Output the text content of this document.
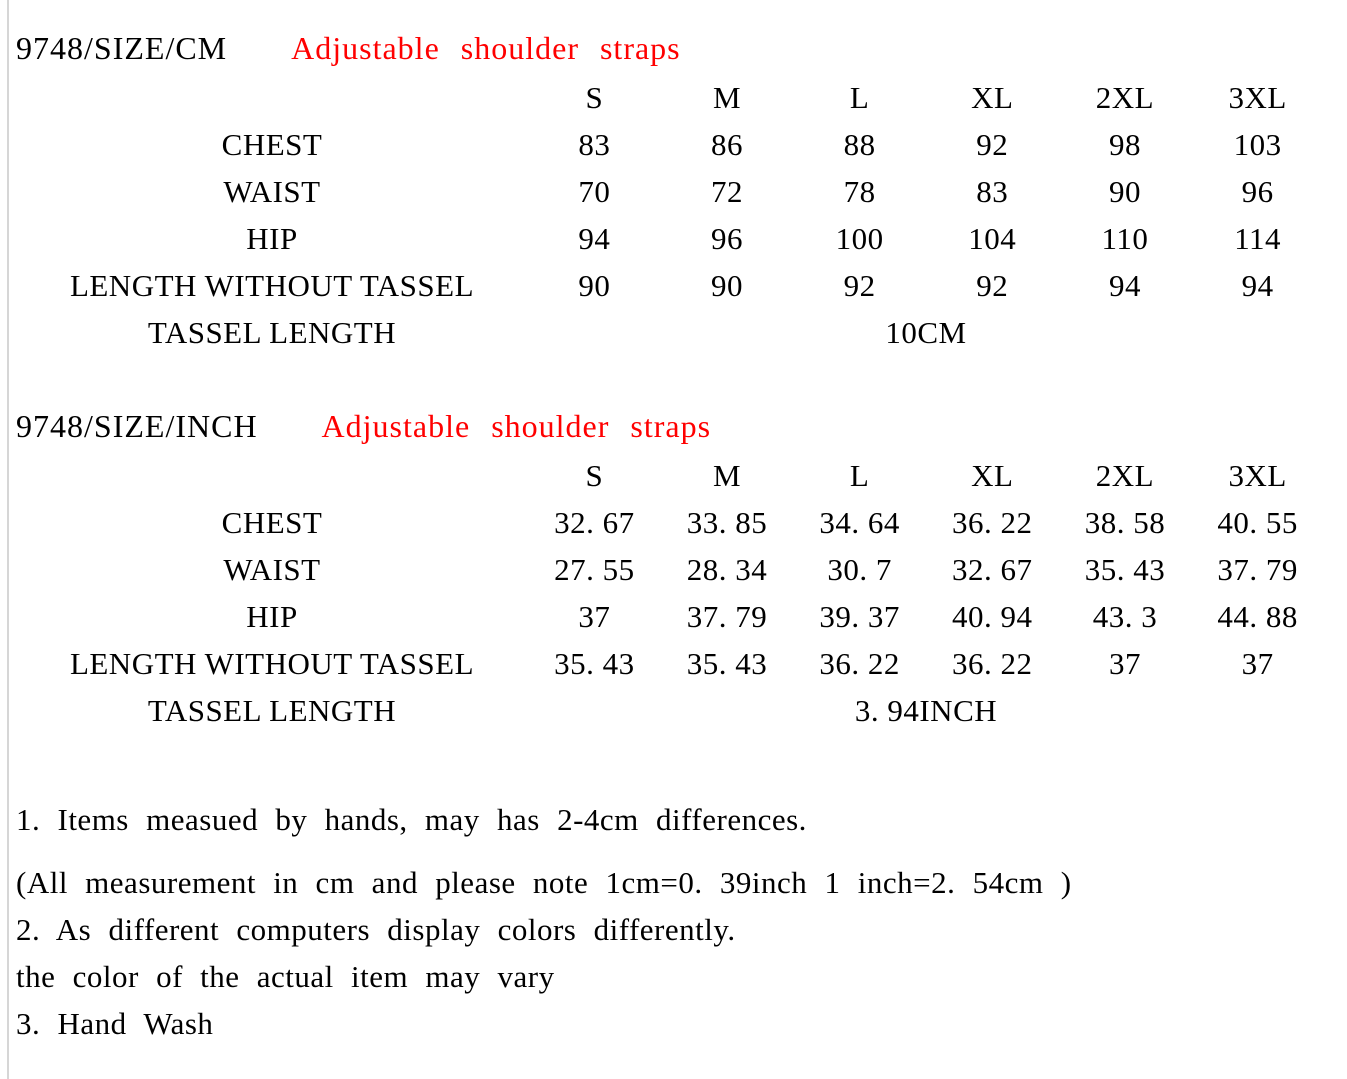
9748/SIZE/CM Adjustable shoulder straps
	S	M	L	XL	2XL	3XL
CHEST	83	86	88	92	98	103
WAIST	70	72	78	83	90	96
HIP	94	96	100	104	110	114
LENGTH WITHOUT TASSEL	90	90	92	92	94	94
TASSEL LENGTH	10CM					
9748/SIZE/INCH Adjustable shoulder straps
	S	M	L	XL	2XL	3XL
CHEST	32. 67	33. 85	34. 64	36. 22	38. 58	40. 55
WAIST	27. 55	28. 34	30. 7	32. 67	35. 43	37. 79
HIP	37	37. 79	39. 37	40. 94	43. 3	44. 88
LENGTH WITHOUT TASSEL	35. 43	35. 43	36. 22	36. 22	37	37
TASSEL LENGTH	3. 94INCH					

1. Items measued by hands, may has 2-4cm differences.

(All measurement in cm and please note 1cm=0. 39inch 1 inch=2. 54cm )

2. As different computers display colors differently.

the color of the actual item may vary

3. Hand Wash
